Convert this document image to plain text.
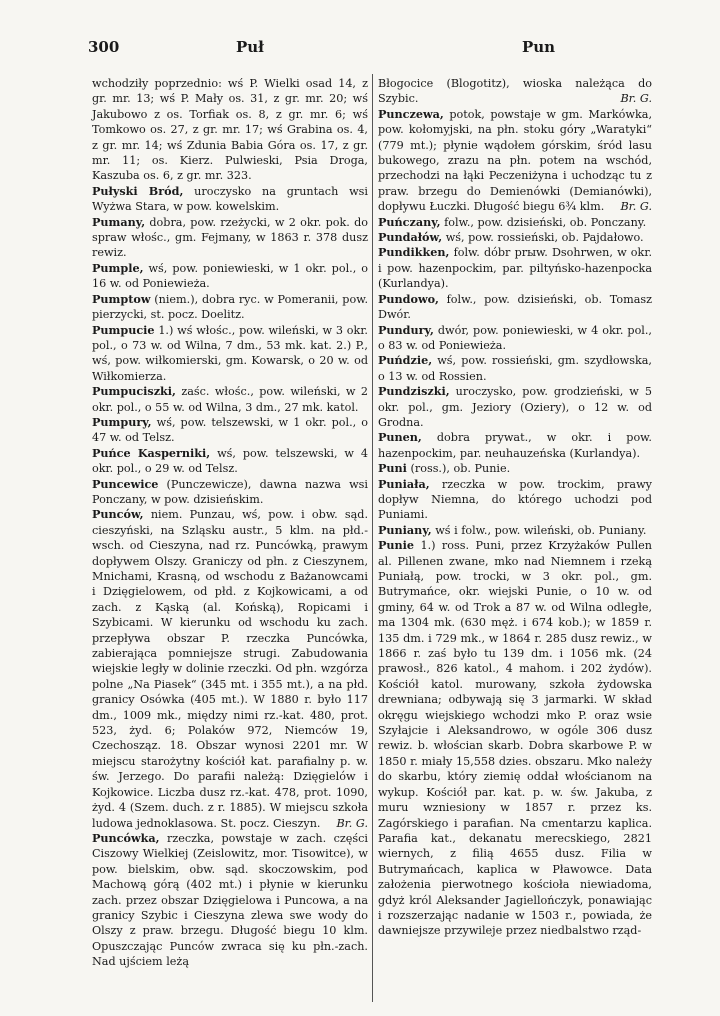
300	Puł	Pun

wchodziły poprzednio: wś P. Wielki osad 14, z gr. mr. 13; wś P. Mały os. 31, z gr. mr. 20; wś Jakubowo z os. Torfiak os. 8, z gr. mr. 6; wś Tomkowo os. 27, z gr. mr. 17; wś Grabina os. 4, z gr. mr. 14; wś Zdunia Babia Góra os. 17, z gr. mr. 11; os. Kierz. Pulwieski, Psia Droga, Kaszuba os. 6, z gr. mr. 323.

Pułyski Bród, uroczysko na gruntach wsi Wyżwa Stara, w pow. kowelskim.

Pumany, dobra, pow. rzeżycki, w 2 okr. pok. do spraw włośc., gm. Fejmany, w 1863 r. 378 dusz rewiz.

Pumple, wś, pow. poniewieski, w 1 okr. pol., o 16 w. od Poniewieża.

Pumptow (niem.), dobra ryc. w Pomeranii, pow. pierzycki, st. pocz. Doelitz.

Pumpucie 1.) wś włośc., pow. wileński, w 3 okr. pol., o 73 w. od Wilna, 7 dm., 53 mk. kat. 2.) P., wś, pow. wiłkomierski, gm. Kowarsk, o 20 w. od Wiłkomierza.

Pumpuciszki, zaśc. włośc., pow. wileński, w 2 okr. pol., o 55 w. od Wilna, 3 dm., 27 mk. katol.

Pumpury, wś, pow. telszewski, w 1 okr. pol., o 47 w. od Telsz.

Puńce Kasperniki, wś, pow. telszewski, w 4 okr. pol., o 29 w. od Telsz.

Puncewice (Punczewicze), dawna nazwa wsi Ponczany, w pow. dzisieńskim.

Punców, niem. Punzau, wś, pow. i obw. sąd. cieszyński, na Szląsku austr., 5 klm. na płd.-wsch. od Cieszyna, nad rz. Puncówką, prawym dopływem Olszy. Graniczy od płn. z Cieszynem, Mnichami, Krasną, od wschodu z Bażanowcami i Dzięgielowem, od płd. z Kojkowicami, a od zach. z Kąską (al. Końską), Ropicami i Szybicami. W kierunku od wschodu ku zach. przepływa obszar P. rzeczka Puncówka, zabierająca pomniejsze strugi. Zabudowania wiejskie legły w dolinie rzeczki. Od płn. wzgórza polne „Na Piasek“ (345 mt. i 355 mt.), a na płd. granicy Osówka (405 mt.). W 1880 r. było 117 dm., 1009 mk., między nimi rz.-kat. 480, prot. 523, żyd. 6; Polaków 972, Niemców 19, Czechosząz. 18. Obszar wynosi 2201 mr. W miejscu starożytny kościół kat. parafialny p. w. św. Jerzego. Do parafii należą: Dzięgielów i Kojkowice. Liczba dusz rz.-kat. 478, prot. 1090, żyd. 4 (Szem. duch. z r. 1885). W miejscu szkoła ludowa jednoklasowa. St. pocz. Cieszyn. Br. G.

Puncówka, rzeczka, powstaje w zach. części Ciszowy Wielkiej (Zeislowitz, mor. Tisowitce), w pow. bielskim, obw. sąd. skoczowskim, pod Machową górą (402 mt.) i płynie w kierunku zach. przez obszar Dzięgielowa i Puncowa, a na granicy Szybic i Cieszyna zlewa swe wody do Olszy z praw. brzegu. Długość biegu 10 klm. Opuszczając Punców zwraca się ku płn.-zach. Nad ujściem leżą

Błogocice (Blogotitz), wioska należąca do Szybic.	Br. G.

Punczewa, potok, powstaje w gm. Markówka, pow. kołomyjski, na płn. stoku góry „Waratyki“ (779 mt.); płynie wądołem górskim, śród lasu bukowego, zrazu na płn. potem na wschód, przechodzi na łąki Peczeniżyna i uchodząc tu z praw. brzegu do Demienówki (Demianówki), dopływu Łuczki. Długość biegu 6¾ klm. Br. G.

Puńczany, folw., pow. dzisieński, ob. Ponczany.

Pundałów, wś, pow. rossieński, ob. Pajdałowo.

Pundikken, folw. dóbr prыw. Dsohrwen, w okr. i pow. hazenpockim, par. piltyńsko-hazenpocka (Kurlandya).

Pundowo, folw., pow. dzisieński, ob. Tomasz Dwór.

Pundury, dwór, pow. poniewieski, w 4 okr. pol., o 83 w. od Poniewieża.

Puńdzie, wś, pow. rossieński, gm. szydłowska, o 13 w. od Rossien.

Pundziszki, uroczysko, pow. grodzieński, w 5 okr. pol., gm. Jeziory (Oziery), o 12 w. od Grodna.

Punen, dobra prywat., w okr. i pow. hazenpockim, par. neuhauzeńska (Kurlandya).

Puni (ross.), ob. Punie.

Puniała, rzeczka w pow. trockim, prawy dopływ Niemna, do którego uchodzi pod Puniami.

Puniany, wś i folw., pow. wileński, ob. Puniany.

Punie 1.) ross. Puni, przez Krzyżaków Pullen al. Pillenen zwane, mko nad Niemnem i rzeką Puniałą, pow. trocki, w 3 okr. pol., gm. Butrymańce, okr. wiejski Punie, o 10 w. od gminy, 64 w. od Trok a 87 w. od Wilna odległe, ma 1304 mk. (630 męż. i 674 kob.); w 1859 r. 135 dm. i 729 mk., w 1864 r. 285 dusz rewiz., w 1866 r. zaś było tu 139 dm. i 1056 mk. (24 prawosł., 826 katol., 4 mahom. i 202 żydów). Kościół katol. murowany, szkoła żydowska drewniana; odbywają się 3 jarmarki. W skład okręgu wiejskiego wchodzi mko P. oraz wsie Szyłajcie i Aleksandrowo, w ogóle 306 dusz rewiz. b. włościan skarb. Dobra skarbowe P. w 1850 r. miały 15,558 dzies. obszaru. Mko należy do skarbu, który ziemię oddał włościanom na wykup. Kościół par. kat. p. w. św. Jakuba, z muru wzniesiony w 1857 r. przez ks. Zagórskiego i parafian. Na cmentarzu kaplica. Parafia kat., dekanatu merecskiego, 2821 wiernych, z filią 4655 dusz. Filia w Butrymańcach, kaplica w Pławowce. Data założenia pierwotnego kościoła niewiadoma, gdyż król Aleksander Jagiellończyk, ponawiając i rozszerzając nadanie w 1503 r., powiada, że dawniejsze przywileje przez niedbalstwo rząd-
